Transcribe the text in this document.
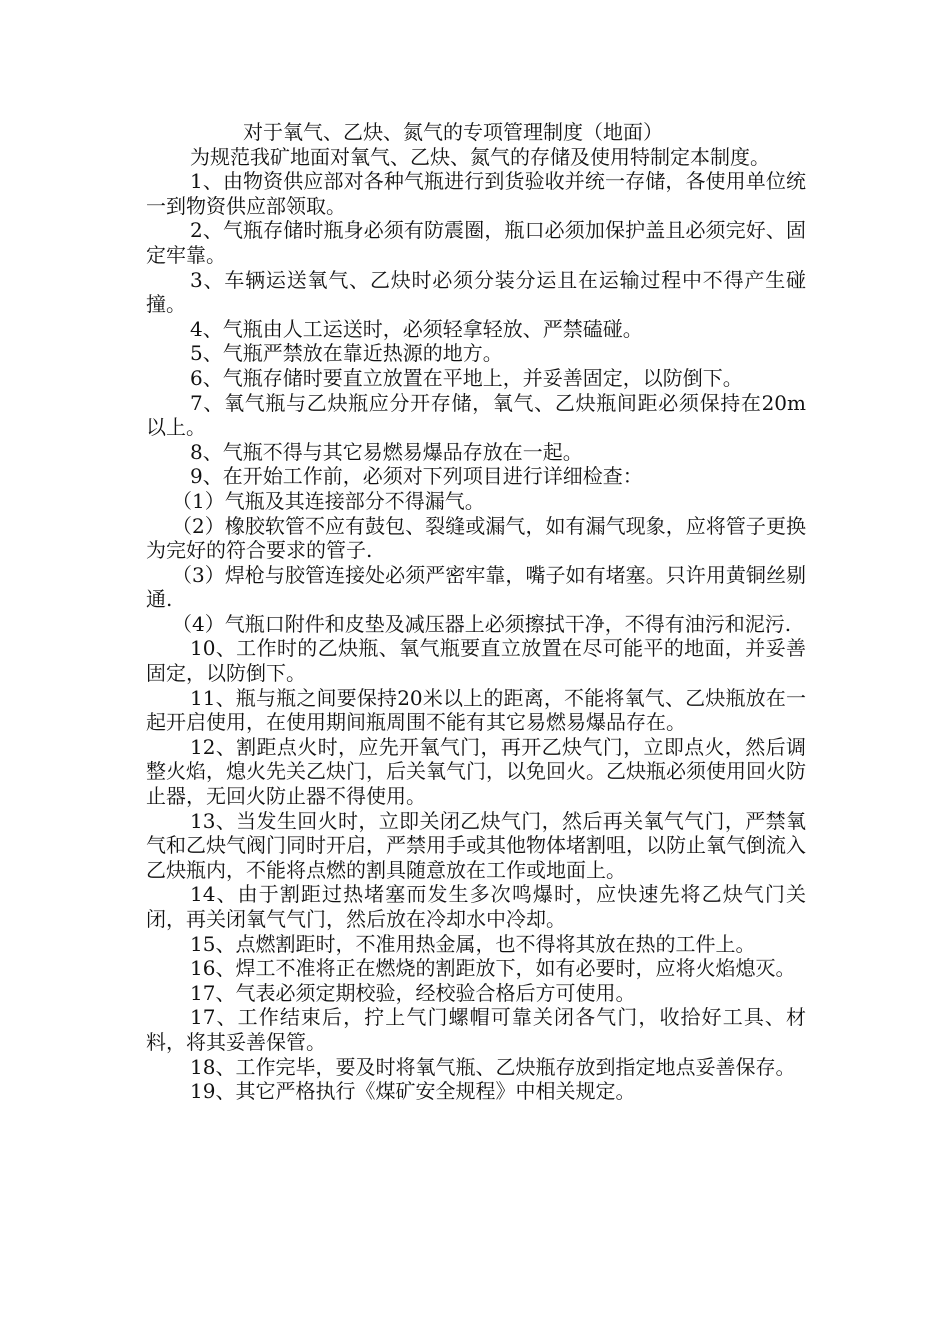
对于氧气、乙炔、氮气的专项管理制度（地面）

为规范我矿地面对氧气、乙炔、氮气的存储及使用特制定本制度。

1、由物资供应部对各种气瓶进行到货验收并统一存储，各使用单位统一到物资供应部领取。

2、气瓶存储时瓶身必须有防震圈，瓶口必须加保护盖且必须完好、固定牢靠。

3、车辆运送氧气、乙炔时必须分装分运且在运输过程中不得产生碰撞。

4、气瓶由人工运送时，必须轻拿轻放、严禁磕碰。

5、气瓶严禁放在靠近热源的地方。

6、气瓶存储时要直立放置在平地上，并妥善固定，以防倒下。

7、氧气瓶与乙炔瓶应分开存储，氧气、乙炔瓶间距必须保持在20m以上。

8、气瓶不得与其它易燃易爆品存放在一起。

9、在开始工作前，必须对下列项目进行详细检查：

（1）气瓶及其连接部分不得漏气。

（2）橡胶软管不应有鼓包、裂缝或漏气，如有漏气现象，应将管子更换为完好的符合要求的管子.

（3）焊枪与胶管连接处必须严密牢靠，嘴子如有堵塞。只许用黄铜丝剔通.

（4）气瓶口附件和皮垫及减压器上必须擦拭干净，不得有油污和泥污.

10、工作时的乙炔瓶、氧气瓶要直立放置在尽可能平的地面，并妥善固定，以防倒下。

11、瓶与瓶之间要保持20米以上的距离，不能将氧气、乙炔瓶放在一起开启使用，在使用期间瓶周围不能有其它易燃易爆品存在。

12、割距点火时，应先开氧气门，再开乙炔气门，立即点火，然后调整火焰，熄火先关乙炔门，后关氧气门，以免回火。乙炔瓶必须使用回火防止器，无回火防止器不得使用。

13、当发生回火时，立即关闭乙炔气门，然后再关氧气气门，严禁氧气和乙炔气阀门同时开启，严禁用手或其他物体堵割咀，以防止氧气倒流入乙炔瓶内，不能将点燃的割具随意放在工作或地面上。

14、由于割距过热堵塞而发生多次鸣爆时，应快速先将乙炔气门关闭，再关闭氧气气门，然后放在冷却水中冷却。

15、点燃割距时，不准用热金属，也不得将其放在热的工件上。

16、焊工不准将正在燃烧的割距放下，如有必要时，应将火焰熄灭。

17、气表必须定期校验，经校验合格后方可使用。

17、工作结束后，拧上气门螺帽可靠关闭各气门，收拾好工具、材料，将其妥善保管。

18、工作完毕，要及时将氧气瓶、乙炔瓶存放到指定地点妥善保存。

19、其它严格执行《煤矿安全规程》中相关规定。
